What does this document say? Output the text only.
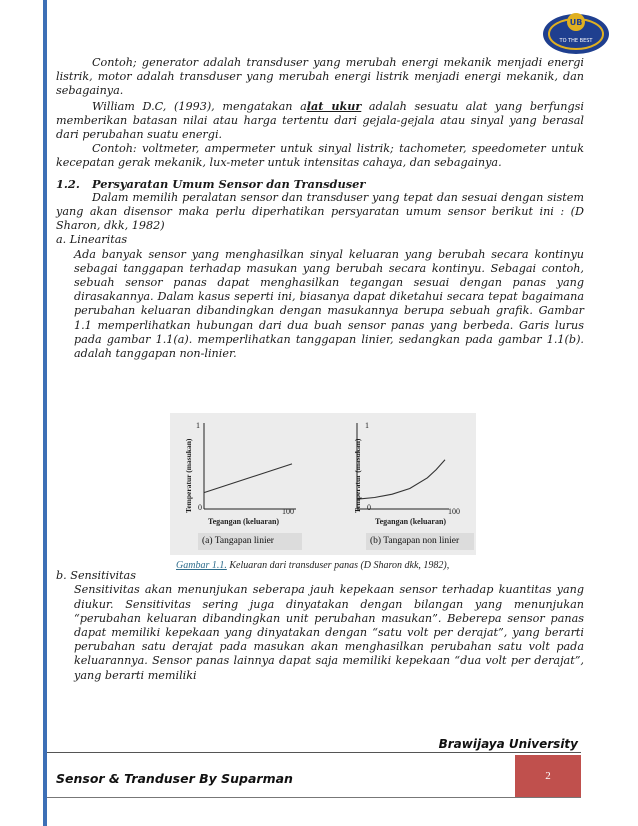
UB
TO THE BEST

Contoh; generator adalah transduser yang merubah energi mekanik menjadi energi listrik, motor adalah transduser yang merubah energi listrik menjadi energi mekanik, dan sebagainya.

William D.C, (1993), mengatakan alat ukur adalah sesuatu alat yang berfungsi memberikan batasan nilai atau harga tertentu dari gejala-gejala atau sinyal yang berasal dari perubahan suatu energi.

Contoh: voltmeter, ampermeter untuk sinyal listrik; tachometer, speedometer untuk kecepatan gerak mekanik, lux-meter untuk intensitas cahaya, dan sebagainya.

1.2. Persyaratan Umum Sensor dan Transduser

Dalam memilih peralatan sensor dan transduser yang tepat dan sesuai dengan sistem yang akan disensor maka perlu diperhatikan persyaratan umum sensor berikut ini : (D Sharon, dkk, 1982)

a. Linearitas

Ada banyak sensor yang menghasilkan sinyal keluaran yang berubah secara kontinyu sebagai tanggapan terhadap masukan yang berubah secara kontinyu. Sebagai contoh, sebuah sensor panas dapat menghasilkan tegangan sesuai dengan panas yang dirasakannya. Dalam kasus seperti ini, biasanya dapat diketahui secara tepat bagaimana perubahan keluaran dibandingkan dengan masukannya berupa sebuah grafik. Gambar 1.1 memperlihatkan hubungan dari dua buah sensor panas yang berbeda. Garis lurus pada gambar 1.1(a). memperlihatkan tanggapan linier, sedangkan pada gambar 1.1(b). adalah tanggapan non-linier.

b. Sensitivitas

Sensitivitas akan menunjukan seberapa jauh kepekaan sensor terhadap kuantitas yang diukur. Sensitivitas sering juga dinyatakan dengan bilangan yang menunjukan “perubahan keluaran dibandingkan unit perubahan masukan”. Beberepa sensor panas dapat memiliki kepekaan yang dinyatakan dengan “satu volt per derajat”, yang berarti perubahan satu derajat pada masukan akan menghasilkan perubahan satu volt pada keluarannya. Sensor panas lainnya dapat saja memiliki kepekaan “dua volt per derajat”, yang berarti memiliki

Temperatur (masukan)
1
0	100
Tegangan (keluaran)
(a) Tangapan linier
Temperatur (masukan)
1
0	100
Tegangan (keluaran)
(b) Tangapan non linier
Gambar 1.1. Keluaran dari transduser panas (D Sharon dkk, 1982),
Brawijaya University
Sensor & Tranduser By Suparman	2
